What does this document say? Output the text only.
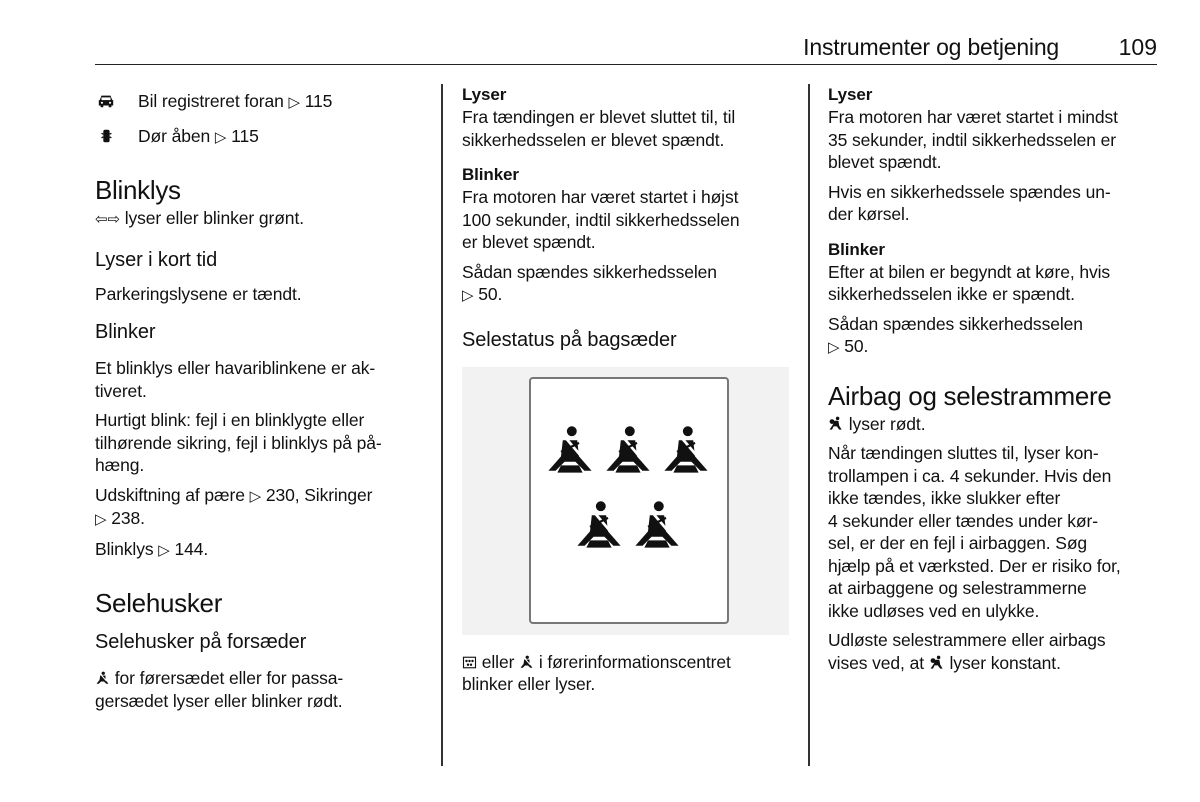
Instrumenter og betjening	109
Bil registreret foran ▷ 115
Dør åben ▷ 115
Blinklys
⇦⇨ lyser eller blinker grønt.
Lyser i kort tid
Parkeringslysene er tændt.
Blinker
Et blinklys eller havariblinkene er ak-
tiveret.
Hurtigt blink: fejl i en blinklygte eller
tilhørende sikring, fejl i blinklys på på-
hæng.
Udskiftning af pære ▷ 230, Sikringer
▷ 238.
Blinklys ▷ 144.
Selehusker
Selehusker på forsæder
for førersædet eller for passa-
gersædet lyser eller blinker rødt.
Lyser
Fra tændingen er blevet sluttet til, til
sikkerhedsselen er blevet spændt.
Blinker
Fra motoren har været startet i højst
100 sekunder, indtil sikkerhedsselen
er blevet spændt.
Sådan spændes sikkerhedsselen
▷ 50.
Selestatus på bagsæder
eller i førerinformationscentret
blinker eller lyser.
Lyser
Fra motoren har været startet i mindst
35 sekunder, indtil sikkerhedsselen er
blevet spændt.
Hvis en sikkerhedssele spændes un-
der kørsel.
Blinker
Efter at bilen er begyndt at køre, hvis
sikkerhedsselen ikke er spændt.
Sådan spændes sikkerhedsselen
▷ 50.
Airbag og selestrammere
lyser rødt.
Når tændingen sluttes til, lyser kon-
trollampen i ca. 4 sekunder. Hvis den
ikke tændes, ikke slukker efter
4 sekunder eller tændes under kør-
sel, er der en fejl i airbaggen. Søg
hjælp på et værksted. Der er risiko for,
at airbaggene og selestrammerne
ikke udløses ved en ulykke.
Udløste selestrammere eller airbags
vises ved, at lyser konstant.
